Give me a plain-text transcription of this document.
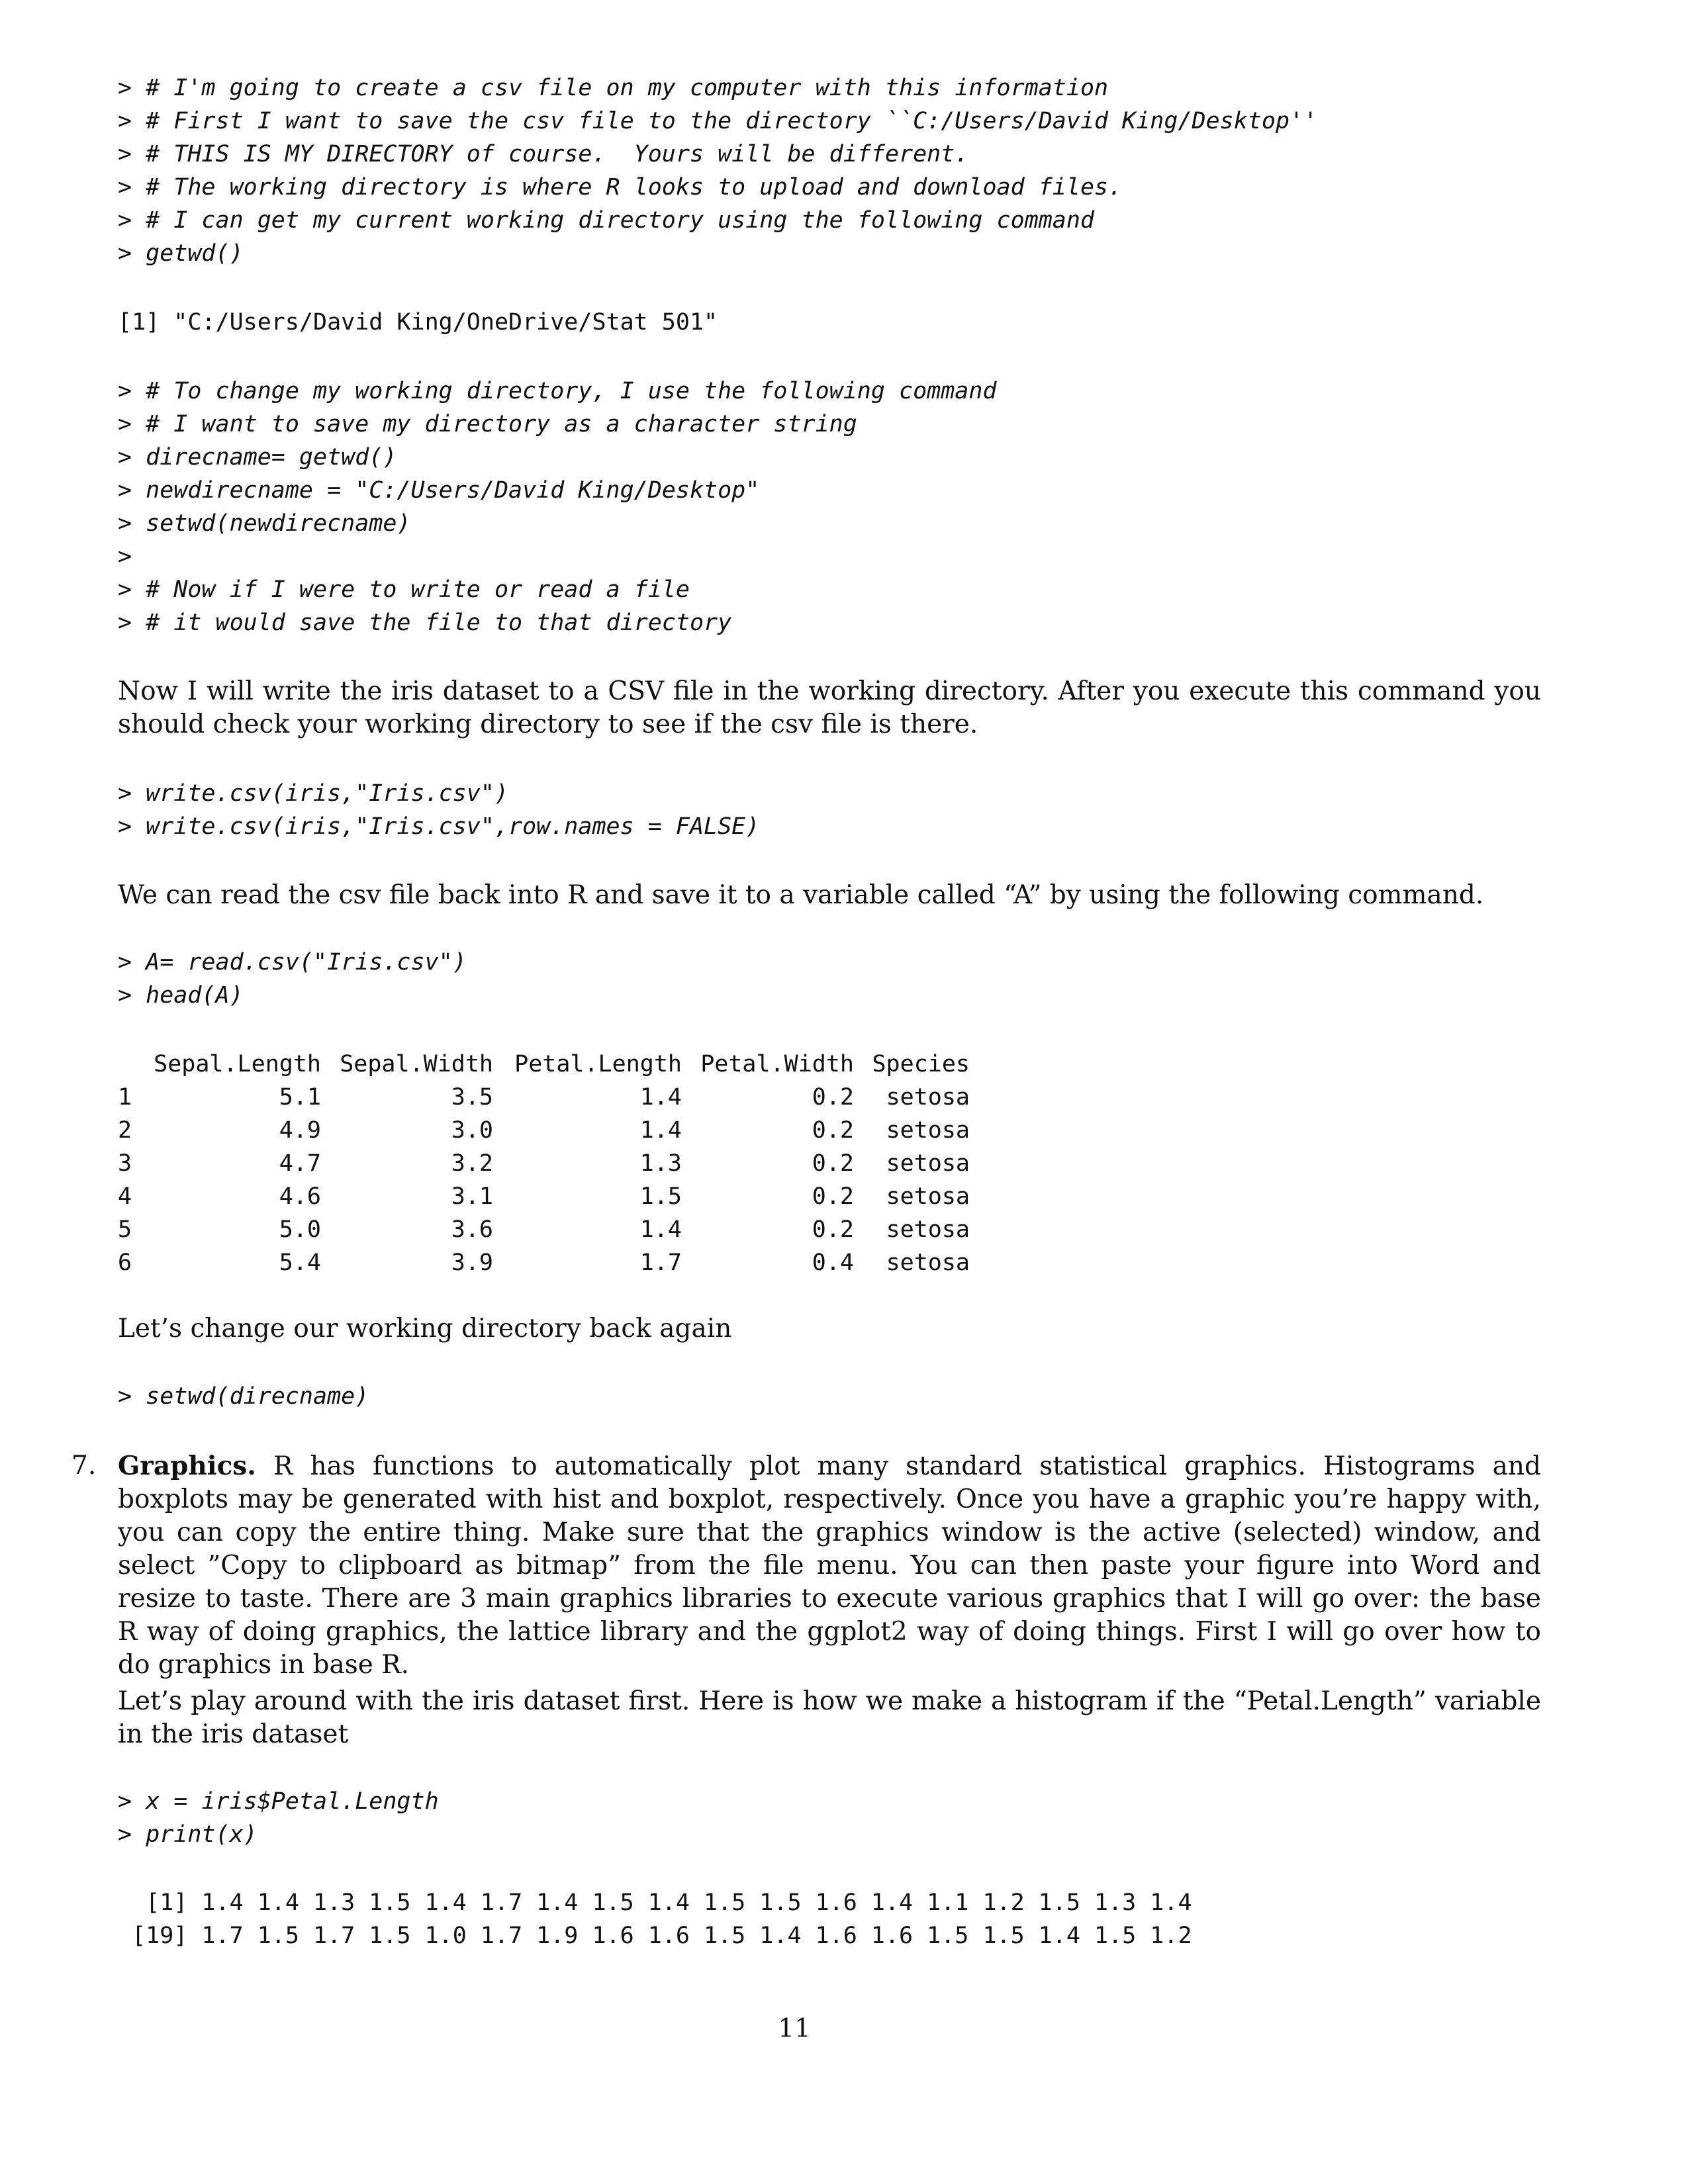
> # I'm going to create a csv file on my computer with this information

> # First I want to save the csv file to the directory ``C:/Users/David King/Desktop''

> # THIS IS MY DIRECTORY of course.  Yours will be different.

> # The working directory is where R looks to upload and download files.

> # I can get my current working directory using the following command

> getwd()

[1] "C:/Users/David King/OneDrive/Stat 501"

> # To change my working directory, I use the following command

> # I want to save my directory as a character string

> direcname= getwd()

> newdirecname = "C:/Users/David King/Desktop"

> setwd(newdirecname)

>

> # Now if I were to write or read a file

> # it would save the file to that directory

Now I will write the iris dataset to a CSV file in the working directory. After you execute this command you should check your working directory to see if the csv file is there.

> write.csv(iris,"Iris.csv")

> write.csv(iris,"Iris.csv",row.names = FALSE)

We can read the csv file back into R and save it to a variable called “A” by using the following command.

> A= read.csv("Iris.csv")

> head(A)

	Sepal.Length	Sepal.Width	Petal.Length	Petal.Width	Species
1	5.1	3.5	1.4	0.2	setosa
2	4.9	3.0	1.4	0.2	setosa
3	4.7	3.2	1.3	0.2	setosa
4	4.6	3.1	1.5	0.2	setosa
5	5.0	3.6	1.4	0.2	setosa
6	5.4	3.9	1.7	0.4	setosa

Let’s change our working directory back again

> setwd(direcname)

7. Graphics. R has functions to automatically plot many standard statistical graphics. Histograms and boxplots may be generated with hist and boxplot, respectively. Once you have a graphic you’re happy with, you can copy the entire thing. Make sure that the graphics window is the active (selected) window, and select ”Copy to clipboard as bitmap” from the file menu. You can then paste your figure into Word and resize to taste. There are 3 main graphics libraries to execute various graphics that I will go over: the base R way of doing graphics, the lattice library and the ggplot2 way of doing things. First I will go over how to do graphics in base R.

Let’s play around with the iris dataset first. Here is how we make a histogram if the “Petal.Length” variable in the iris dataset

> x = iris$Petal.Length

> print(x)

[1] 1.4 1.4 1.3 1.5 1.4 1.7 1.4 1.5 1.4 1.5 1.5 1.6 1.4 1.1 1.2 1.5 1.3 1.4

[19] 1.7 1.5 1.7 1.5 1.0 1.7 1.9 1.6 1.6 1.5 1.4 1.6 1.6 1.5 1.5 1.4 1.5 1.2

11
